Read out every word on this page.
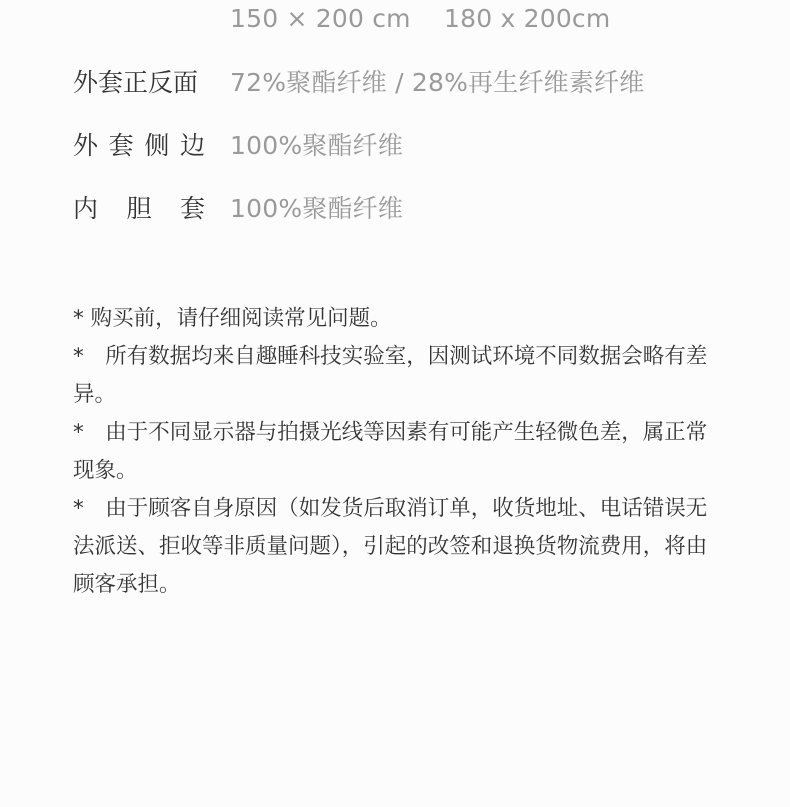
150 × 200 cm 180 x 200cm
外套正反面 72%聚酯纤维 / 28%再生纤维素纤维
外 套 侧 边 100%聚酯纤维
内 胆 套 100%聚酯纤维

* 购买前，请仔细阅读常见问题。

*　所有数据均来自趣睡科技实验室，因测试环境不同数据会略有差异。

*　由于不同显示器与拍摄光线等因素有可能产生轻微色差，属正常现象。

*　由于顾客自身原因（如发货后取消订单，收货地址、电话错误无法派送、拒收等非质量问题），引起的改签和退换货物流费用，将由顾客承担。
